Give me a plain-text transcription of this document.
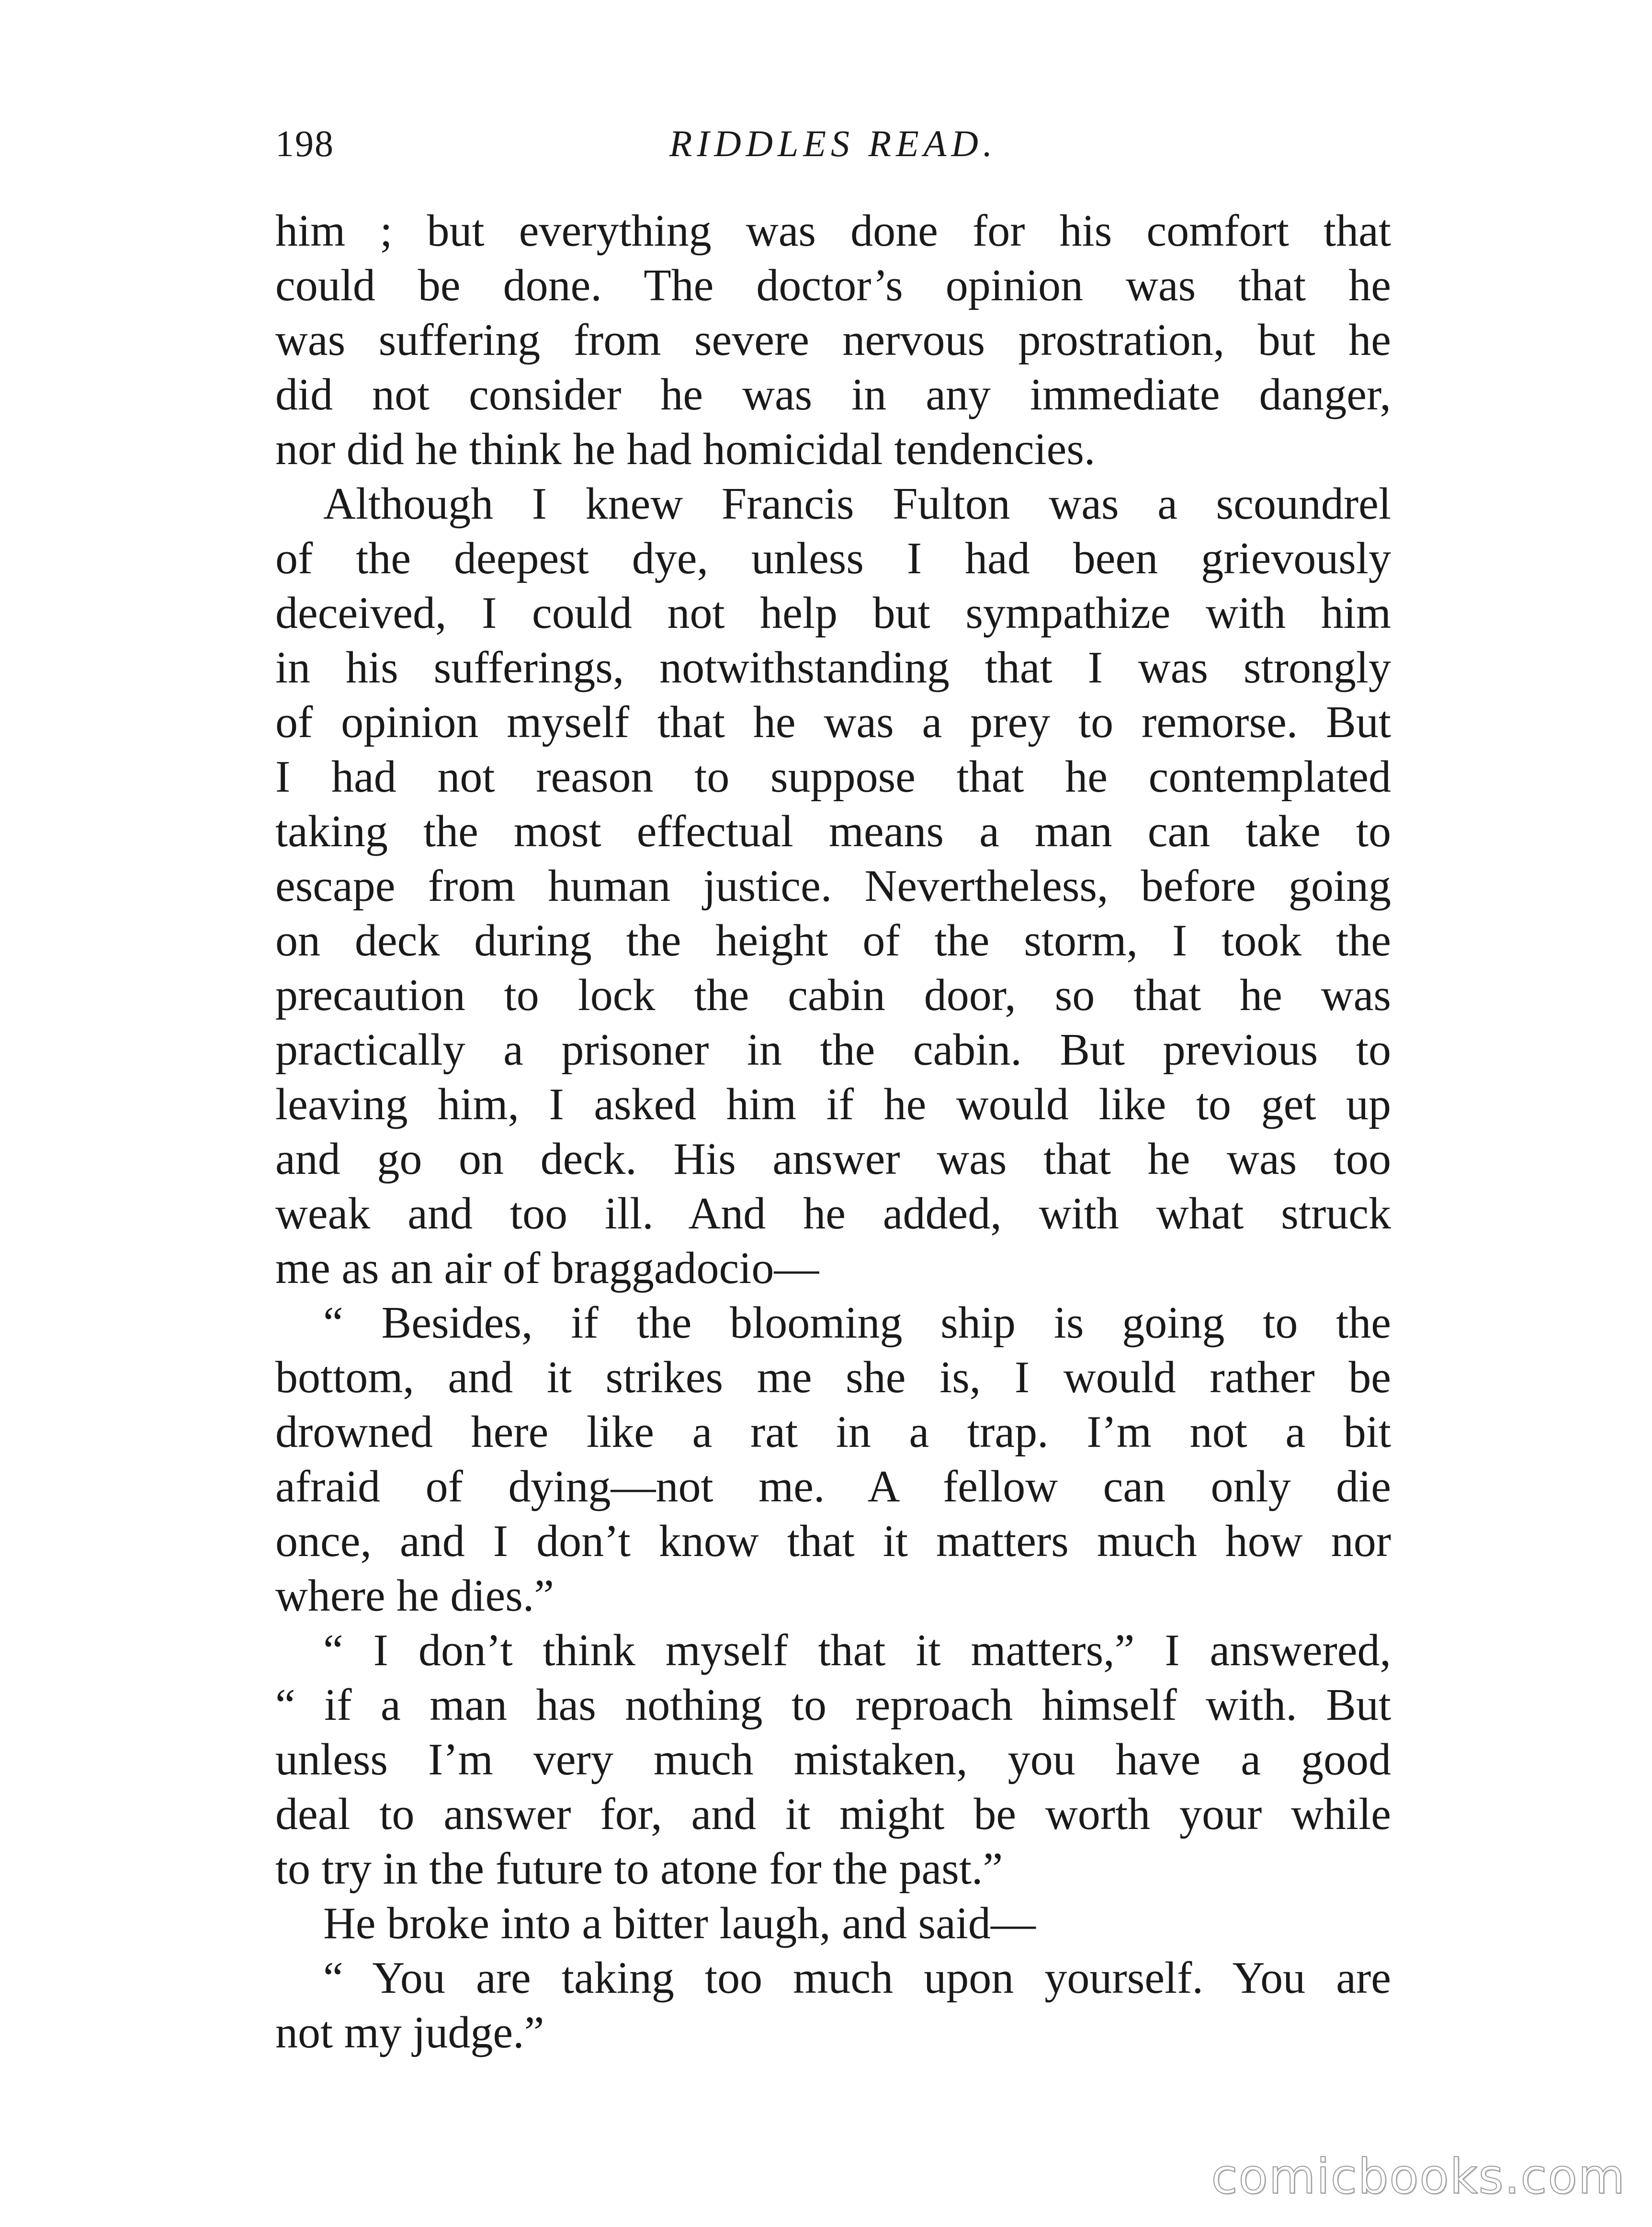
198	RIDDLES READ.
him ; but everything was done for his comfort that
could be done. The doctor’s opinion was that he
was suffering from severe nervous prostration, but he
did not consider he was in any immediate danger,
nor did he think he had homicidal tendencies.
Although I knew Francis Fulton was a scoundrel
of the deepest dye, unless I had been grievously
deceived, I could not help but sympathize with him
in his sufferings, notwithstanding that I was strongly
of opinion myself that he was a prey to remorse. But
I had not reason to suppose that he contemplated
taking the most effectual means a man can take to
escape from human justice. Nevertheless, before going
on deck during the height of the storm, I took the
precaution to lock the cabin door, so that he was
practically a prisoner in the cabin. But previous to
leaving him, I asked him if he would like to get up
and go on deck. His answer was that he was too
weak and too ill. And he added, with what struck
me as an air of braggadocio—
“ Besides, if the blooming ship is going to the
bottom, and it strikes me she is, I would rather be
drowned here like a rat in a trap. I’m not a bit
afraid of dying—not me. A fellow can only die
once, and I don’t know that it matters much how nor
where he dies.”
“ I don’t think myself that it matters,” I answered,
“ if a man has nothing to reproach himself with. But
unless I’m very much mistaken, you have a good
deal to answer for, and it might be worth your while
to try in the future to atone for the past.”
He broke into a bitter laugh, and said—
“ You are taking too much upon yourself. You are
not my judge.”
comicbooks.com
